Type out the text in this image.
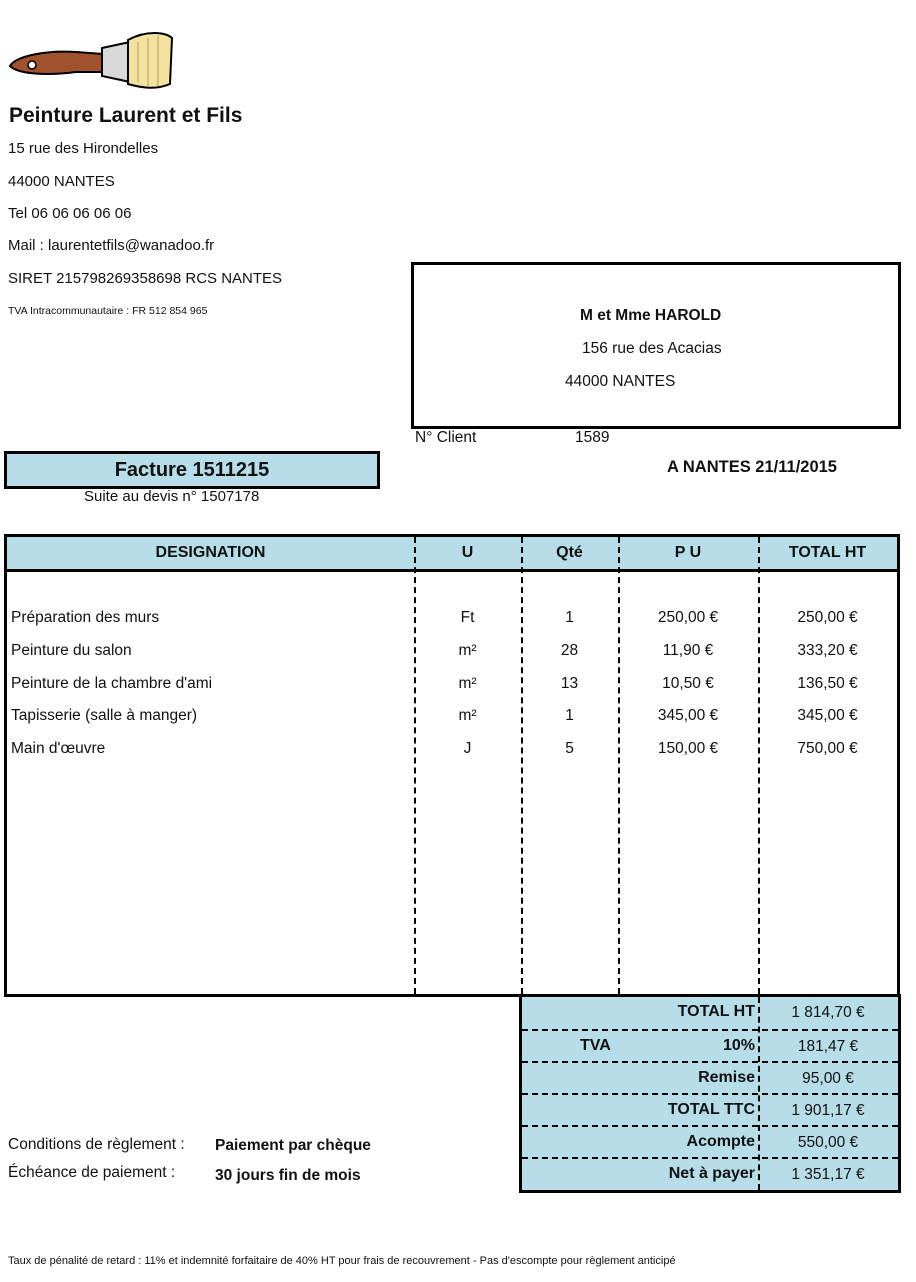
Peinture Laurent et Fils
15 rue des Hirondelles
44000 NANTES
Tel 06 06 06 06 06
Mail : laurentetfils@wanadoo.fr
SIRET 215798269358698 RCS NANTES
TVA Intracommunautaire : FR 512 854 965	M et Mme HAROLD
156 rue des Acacias
44000 NANTES
N° Client	1589
Facture 1511215
Suite au devis n° 1507178
A NANTES 21/11/2015
DESIGNATION	U	Qté	P U	TOTAL HT
Préparation des murs	Ft	1	250,00 €	250,00 €
Peinture du salon	m²	28	11,90 €	333,20 €
Peinture de la chambre d'ami	m²	13	10,50 €	136,50 €
Tapisserie (salle à manger)	m²	1	345,00 €	345,00 €
Main d'œuvre	J	5	150,00 €	750,00 €
TOTAL HT	1 814,70 €
TVA	10%	181,47 €
Remise	95,00 €
TOTAL TTC	1 901,17 €
Acompte	550,00 €
Net à payer	1 351,17 €
Conditions de règlement : Paiement par chèque
Échéance de paiement :	30 jours fin de mois
Taux de pénalité de retard : 11% et indemnité forfaitaire de 40% HT pour frais de recouvrement - Pas d'escompte pour règlement anticipé
